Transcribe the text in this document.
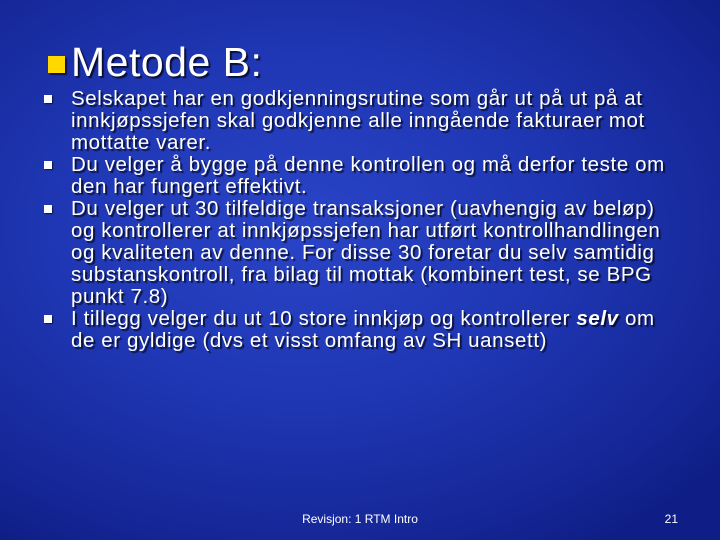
Metode B:
Selskapet har en godkjenningsrutine som går ut på ut på at innkjøpssjefen skal godkjenne alle inngående fakturaer mot mottatte varer.
Du velger å bygge på denne kontrollen og må derfor teste om den har fungert effektivt.
Du velger ut 30 tilfeldige transaksjoner (uavhengig av beløp) og kontrollerer at innkjøpssjefen har utført kontrollhandlingen og kvaliteten av denne. For disse 30 foretar du selv samtidig substanskontroll, fra bilag til mottak (kombinert test, se BPG punkt 7.8)
I tillegg velger du ut 10 store innkjøp og kontrollerer selv om de er gyldige (dvs et visst omfang av SH uansett)
Revisjon: 1 RTM Intro	21
